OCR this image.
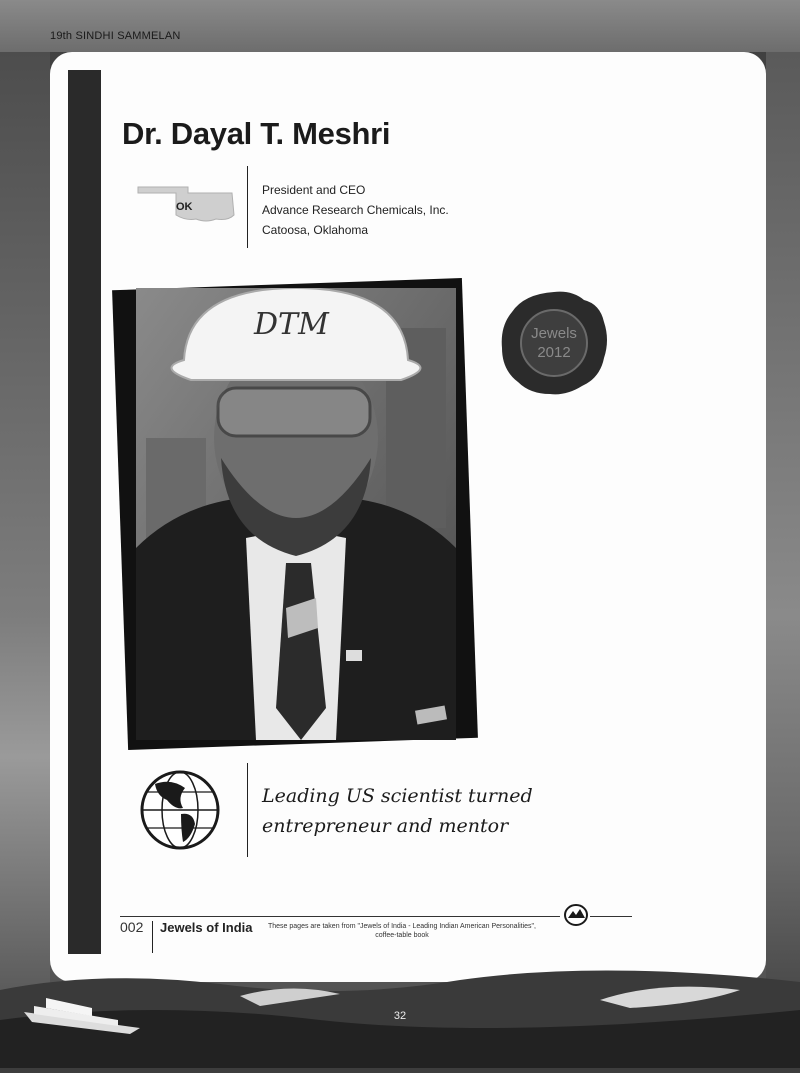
19th SINDHI SAMMELAN
Dr. Dayal T. Meshri
OK
President and CEO
Advance Research Chemicals, Inc.
Catoosa, Oklahoma
DTM	Jewels
2012
Leading US scientist turned
entrepreneur and mentor
002 Jewels of India	These pages are taken from "Jewels of India - Leading Indian American Personalities",
coffee-table book
32
